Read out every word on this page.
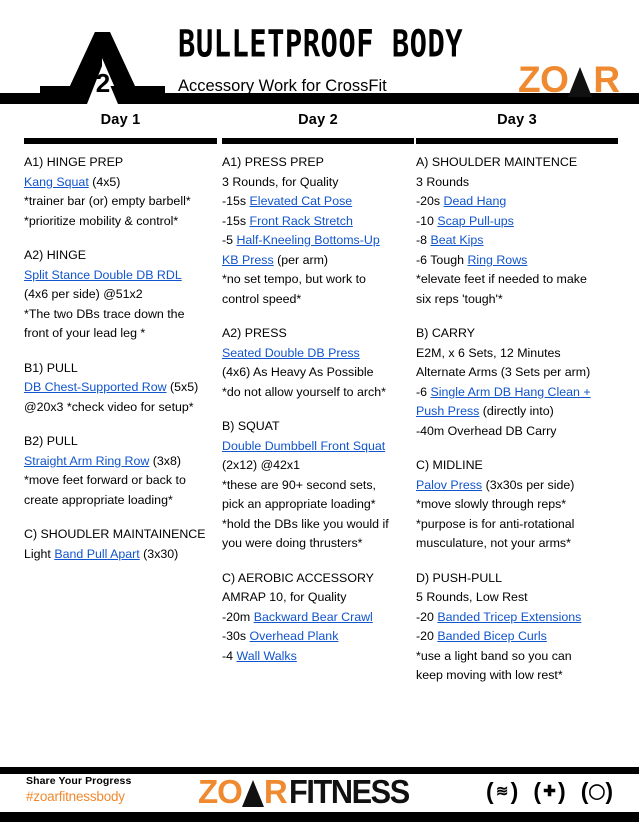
Week
2
BULLETPROOF BODY
Accessory Work for CrossFit	ZO R
Day 1
A1) HINGE PREP
Kang Squat (4x5)
*trainer bar (or) empty barbell*
*prioritize mobility & control*
A2) HINGE
Split Stance Double DB RDL
(4x6 per side) @51x2
*The two DBs trace down the
front of your lead leg *
B1) PULL
DB Chest-Supported Row (5x5)
@20x3 *check video for setup*
B2) PULL
Straight Arm Ring Row (3x8)
*move feet forward or back to
create appropriate loading*
C) SHOUDLER MAINTAINENCE
Light Band Pull Apart (3x30)
Day 2
A1) PRESS PREP
3 Rounds, for Quality
-15s Elevated Cat Pose
-15s Front Rack Stretch
-5 Half-Kneeling Bottoms-Up
KB Press (per arm)
*no set tempo, but work to
control speed*
A2) PRESS
Seated Double DB Press
(4x6) As Heavy As Possible
*do not allow yourself to arch*
B) SQUAT
Double Dumbbell Front Squat
(2x12) @42x1
*these are 90+ second sets,
pick an appropriate loading*
*hold the DBs like you would if
you were doing thrusters*
C) AEROBIC ACCESSORY
AMRAP 10, for Quality
-20m Backward Bear Crawl
-30s Overhead Plank
-4 Wall Walks
Day 3
A) SHOULDER MAINTENCE
3 Rounds
-20s Dead Hang
-10 Scap Pull-ups
-8 Beat Kips
-6 Tough Ring Rows
*elevate feet if needed to make
six reps 'tough'*
B) CARRY
E2M, x 6 Sets, 12 Minutes
Alternate Arms (3 Sets per arm)
-6 Single Arm DB Hang Clean +
Push Press (directly into)
-40m Overhead DB Carry
C) MIDLINE
Palov Press (3x30s per side)
*move slowly through reps*
*purpose is for anti-rotational
musculature, not your arms*
D) PUSH-PULL
5 Rounds, Low Rest
-20 Banded Tricep Extensions
-20 Banded Bicep Curls
*use a light band so you can
keep moving with low rest*
Share Your Progress
#zoarfitnessbody ZO R FITNESS	( ≋ ) ( ✚ ) ( ◯ )
